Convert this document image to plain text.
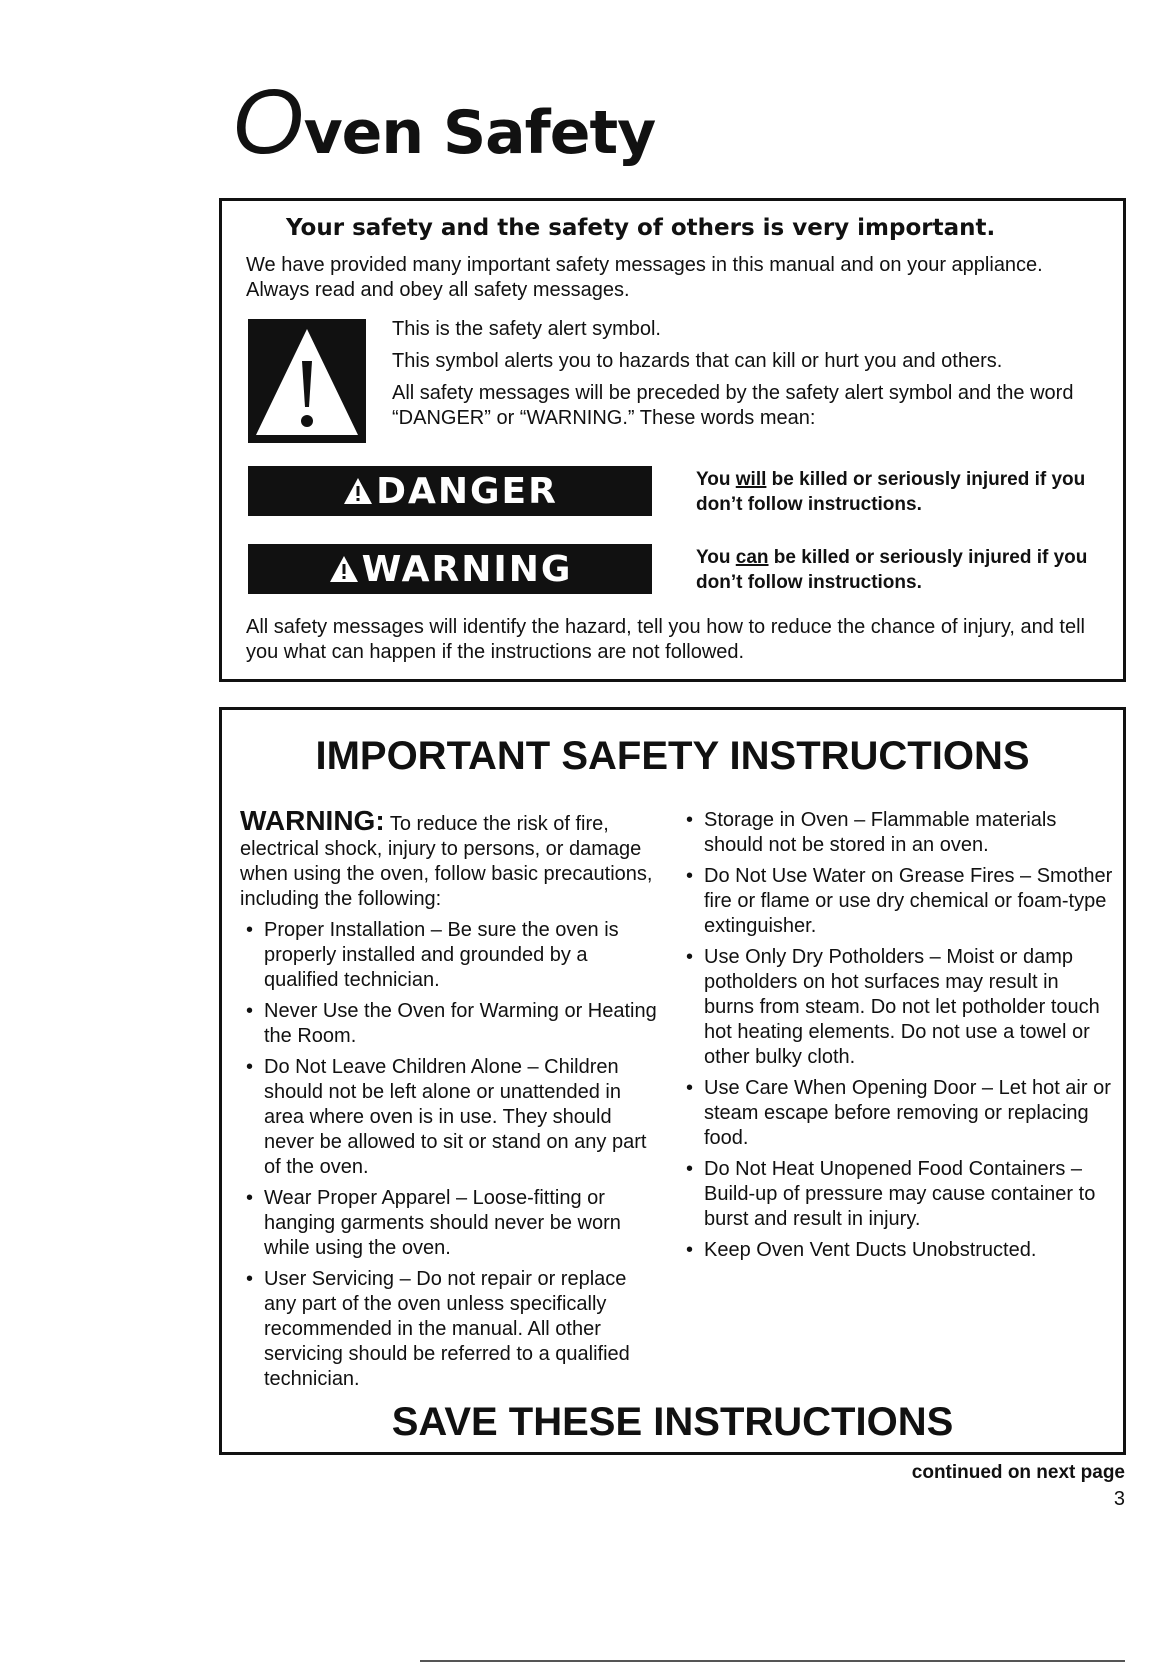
Oven Safety
Your safety and the safety of others is very important.
We have provided many important safety messages in this manual and on your appliance. Always read and obey all safety messages.

This is the safety alert symbol.

This symbol alerts you to hazards that can kill or hurt you and others.

All safety messages will be preceded by the safety alert symbol and the word “DANGER” or “WARNING.” These words mean:

DANGER	You will be killed or seriously injured if you don’t follow instructions.
WARNING	You can be killed or seriously injured if you don’t follow instructions.
All safety messages will identify the hazard, tell you how to reduce the chance of injury, and tell you what can happen if the instructions are not followed.
IMPORTANT SAFETY INSTRUCTIONS

WARNING: To reduce the risk of fire, electrical shock, injury to persons, or damage when using the oven, follow basic precautions, including the following:

• Proper Installation – Be sure the oven is properly installed and grounded by a qualified technician.
• Never Use the Oven for Warming or Heating the Room.
• Do Not Leave Children Alone – Children should not be left alone or unattended in area where oven is in use. They should never be allowed to sit or stand on any part of the oven.
• Wear Proper Apparel – Loose-fitting or hanging garments should never be worn while using the oven.
• User Servicing – Do not repair or replace any part of the oven unless specifically recommended in the manual. All other servicing should be referred to a qualified technician.
• Storage in Oven – Flammable materials should not be stored in an oven.
• Do Not Use Water on Grease Fires – Smother fire or flame or use dry chemical or foam-type extinguisher.
• Use Only Dry Potholders – Moist or damp potholders on hot surfaces may result in burns from steam. Do not let potholder touch hot heating elements. Do not use a towel or other bulky cloth.
• Use Care When Opening Door – Let hot air or steam escape before removing or replacing food.
• Do Not Heat Unopened Food Containers – Build-up of pressure may cause container to burst and result in injury.
• Keep Oven Vent Ducts Unobstructed.
SAVE THESE INSTRUCTIONS
continued on next page
3
